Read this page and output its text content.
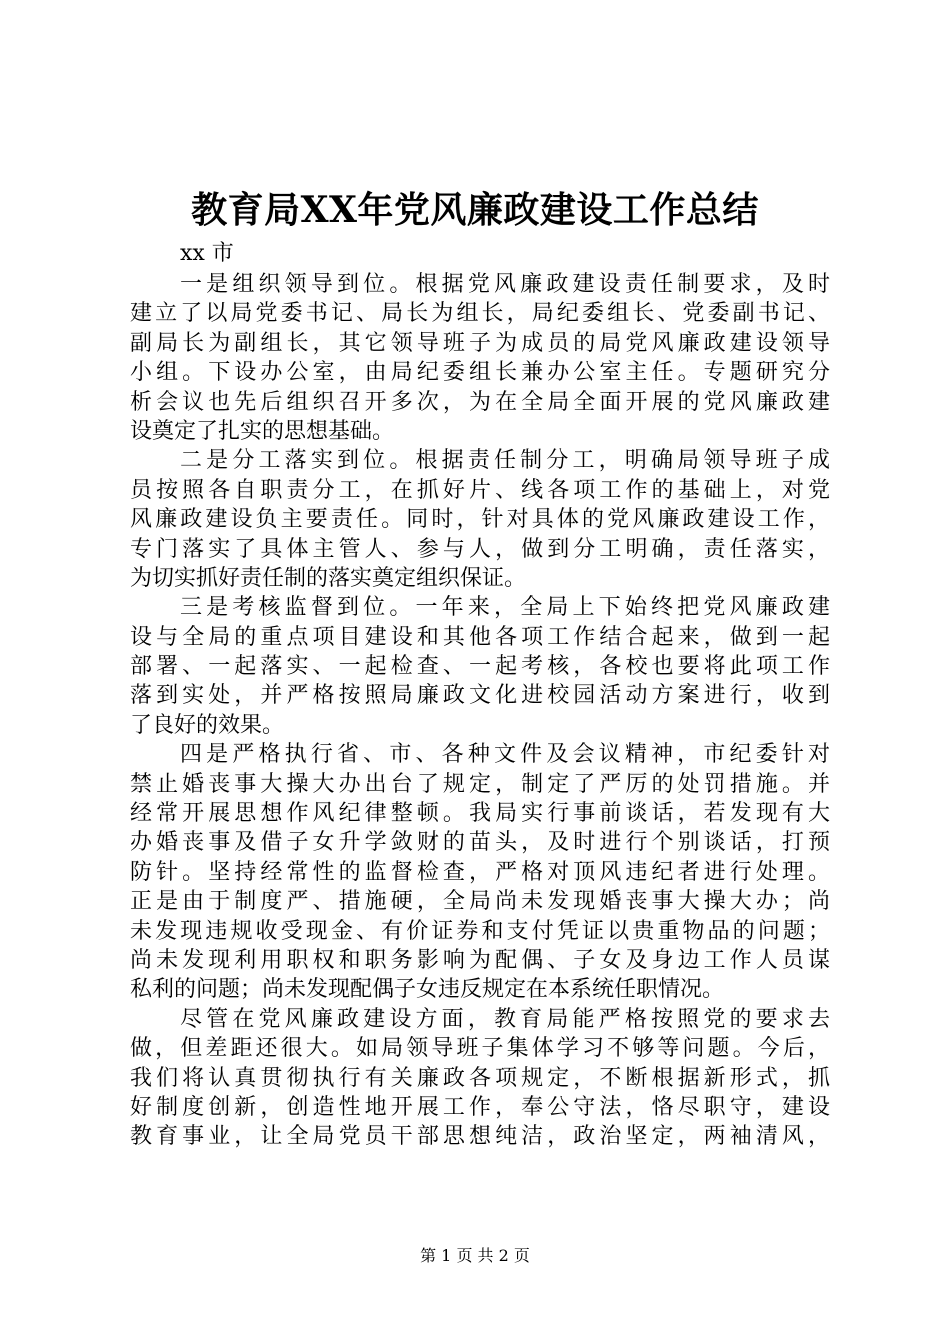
教育局XX年党风廉政建设工作总结
xx 市
一是组织领导到位。根据党风廉政建设责任制要求，及时
建立了以局党委书记、局长为组长，局纪委组长、党委副书记、
副局长为副组长，其它领导班子为成员的局党风廉政建设领导
小组。下设办公室，由局纪委组长兼办公室主任。专题研究分
析会议也先后组织召开多次，为在全局全面开展的党风廉政建
设奠定了扎实的思想基础。
二是分工落实到位。根据责任制分工，明确局领导班子成
员按照各自职责分工，在抓好片、线各项工作的基础上，对党
风廉政建设负主要责任。同时，针对具体的党风廉政建设工作，
专门落实了具体主管人、参与人，做到分工明确，责任落实，
为切实抓好责任制的落实奠定组织保证。
三是考核监督到位。一年来，全局上下始终把党风廉政建
设与全局的重点项目建设和其他各项工作结合起来，做到一起
部署、一起落实、一起检查、一起考核，各校也要将此项工作
落到实处，并严格按照局廉政文化进校园活动方案进行，收到
了良好的效果。
四是严格执行省、市、各种文件及会议精神，市纪委针对
禁止婚丧事大操大办出台了规定，制定了严厉的处罚措施。并
经常开展思想作风纪律整顿。我局实行事前谈话，若发现有大
办婚丧事及借子女升学敛财的苗头，及时进行个别谈话，打预
防针。坚持经常性的监督检查，严格对顶风违纪者进行处理。
正是由于制度严、措施硬，全局尚未发现婚丧事大操大办；尚
未发现违规收受现金、有价证券和支付凭证以贵重物品的问题；
尚未发现利用职权和职务影响为配偶、子女及身边工作人员谋
私利的问题；尚未发现配偶子女违反规定在本系统任职情况。
尽管在党风廉政建设方面，教育局能严格按照党的要求去
做，但差距还很大。如局领导班子集体学习不够等问题。今后，
我们将认真贯彻执行有关廉政各项规定，不断根据新形式，抓
好制度创新，创造性地开展工作，奉公守法，恪尽职守，建设
教育事业，让全局党员干部思想纯洁，政治坚定，两袖清风，
第 1 页 共 2 页
